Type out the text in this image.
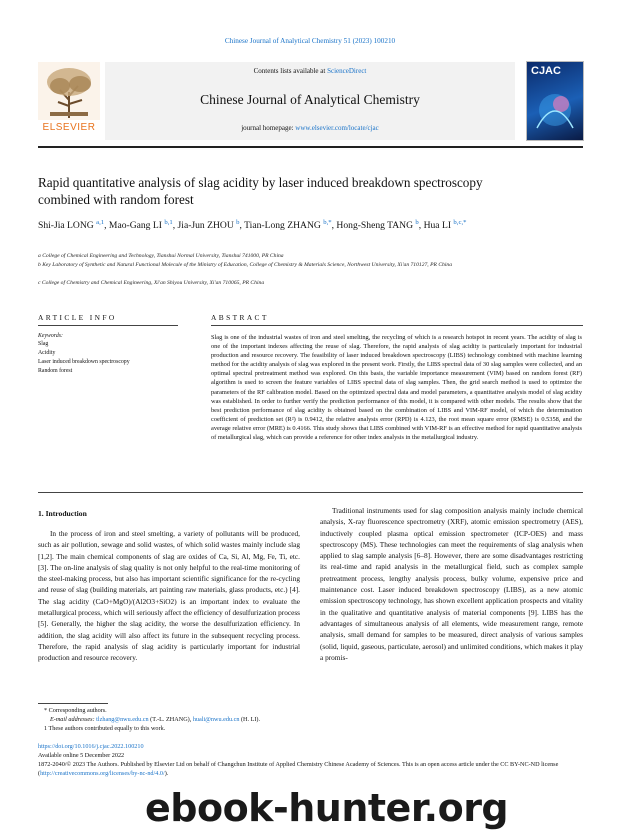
Chinese Journal of Analytical Chemistry 51 (2023) 100210
ELSEVIER
Contents lists available at ScienceDirect
Chinese Journal of Analytical Chemistry
journal homepage: www.elsevier.com/locate/cjac
CJAC
Rapid quantitative analysis of slag acidity by laser induced breakdown spectroscopy combined with random forest
Shi-Jia LONG $^{a,1}$, Mao-Gang LI $^{b,1}$, Jia-Jun ZHOU $^b$, Tian-Long ZHANG $^{b,*}$, Hong-Sheng TANG $^b$, Hua LI $^{b,c,*}$
a College of Chemical Engineering and Technology, Tianshui Normal University, Tianshui 741000, PR China
b Key Laboratory of Synthetic and Natural Functional Molecule of the Ministry of Education, College of Chemistry & Materials Science, Northwest University, Xi'an 710127, PR China
c College of Chemistry and Chemical Engineering, Xi'an Shiyou University, Xi'an 710065, PR China
ARTICLE INFO	ABSTRACT
Keywords:
Slag
Acidity
Laser induced breakdown spectroscopy
Random forest
Slag is one of the industrial wastes of iron and steel smelting, the recycling of which is a research hotspot in recent years. The acidity of slag is one of the important indexes affecting the reuse of slag. Therefore, the rapid analysis of slag acidity is particularly important for industrial production and resource recovery. The feasibility of laser induced breakdown spectroscopy (LIBS) technology combined with machine learning method for the acidity analysis of slag was explored in the present work. Firstly, the LIBS spectral data of 30 slag samples were collected, and an optimal spectral pretreatment method was explored. On this basis, the variable importance measurement (VIM) based on random forest (RF) algorithm is used to screen the feature variables of LIBS spectral data of slag samples. Then, the grid search method is used to optimize the parameters of the RF calibration model. Based on the optimized spectral data and model parameters, a quantitative analysis model of slag acidity was established. In order to further verify the prediction performance of this model, it is compared with other models. The results show that the best prediction performance of slag acidity is obtained based on the combination of LIBS and VIM-RF model, of which the determination coefficient of prediction set (R²) is 0.9412, the relative analysis error (RPD) is 4.123, the root mean square error (RMSE) is 0.5358, and the average relative error (MRE) is 0.4166. This study shows that LIBS combined with VIM-RF is an effective method for rapid quantitative analysis of metallurgical slag, which can provide a reference for other index analysis in the metallurgical industry.
1. Introduction
In the process of iron and steel smelting, a variety of pollutants will be produced, such as air pollution, sewage and solid wastes, of which solid wastes mainly include slag [1,2]. The main chemical components of slag are oxides of Ca, Si, Al, Mg, Fe, Ti, etc. [3]. The on-line analysis of slag quality is not only helpful to the real-time monitoring of the steel-making process, but also has important scientific significance for the re-cycling and reuse of slag (building materials, art painting raw materials, glass products, etc.) [4]. The slag acidity (CaO+MgO)/(Al2O3+SiO2) is an important index to evaluate the metallurgical process, which will seriously affect the efficiency of desulfurization process [5]. Generally, the higher the slag acidity, the worse the desulfurization efficiency. In addition, the slag acidity will also affect its future in the subsequent recycling process. Therefore, the rapid analysis of slag acidity is particularly important for industrial production and resource recovery.
Traditional instruments used for slag composition analysis mainly include chemical analysis, X-ray fluorescence spectrometry (XRF), atomic emission spectrometry (AES), inductively coupled plasma optical emission spectrometer (ICP-OES) and mass spectroscopy (MS). These technologies can meet the requirements of slag analysis when applied to slag sample analysis [6–8]. However, there are some disadvantages restricting its real-time and rapid analysis in the metallurgical field, such as complex sample pretreatment process, lengthy analysis process, bulky volume, expensive price and maintenance cost. Laser induced breakdown spectroscopy (LIBS), as a new atomic emission spectroscopy technology, has shown excellent application prospects and vitality in the qualitative and quantitative analysis of material components [9]. LIBS has the advantages of simultaneous analysis of all elements, wide measurement range, remote analysis, small demand for samples to be measured, direct analysis of various samples (solid, liquid, gaseous, particulate, aerosol) and unlimited conditions, which makes it play a promis-
* Corresponding authors.
E-mail addresses: tlzhang@nwu.edu.cn (T.-L. ZHANG), huali@nwu.edu.cn (H. LI).
1 These authors contributed equally to this work.
https://doi.org/10.1016/j.cjac.2022.100210
Available online 5 December 2022
1872-2040/© 2023 The Authors. Published by Elsevier Ltd on behalf of Changchun Institute of Applied Chemistry Chinese Academy of Sciences. This is an open access article under the CC BY-NC-ND license (http://creativecommons.org/licenses/by-nc-nd/4.0/).
ebook-hunter.org
